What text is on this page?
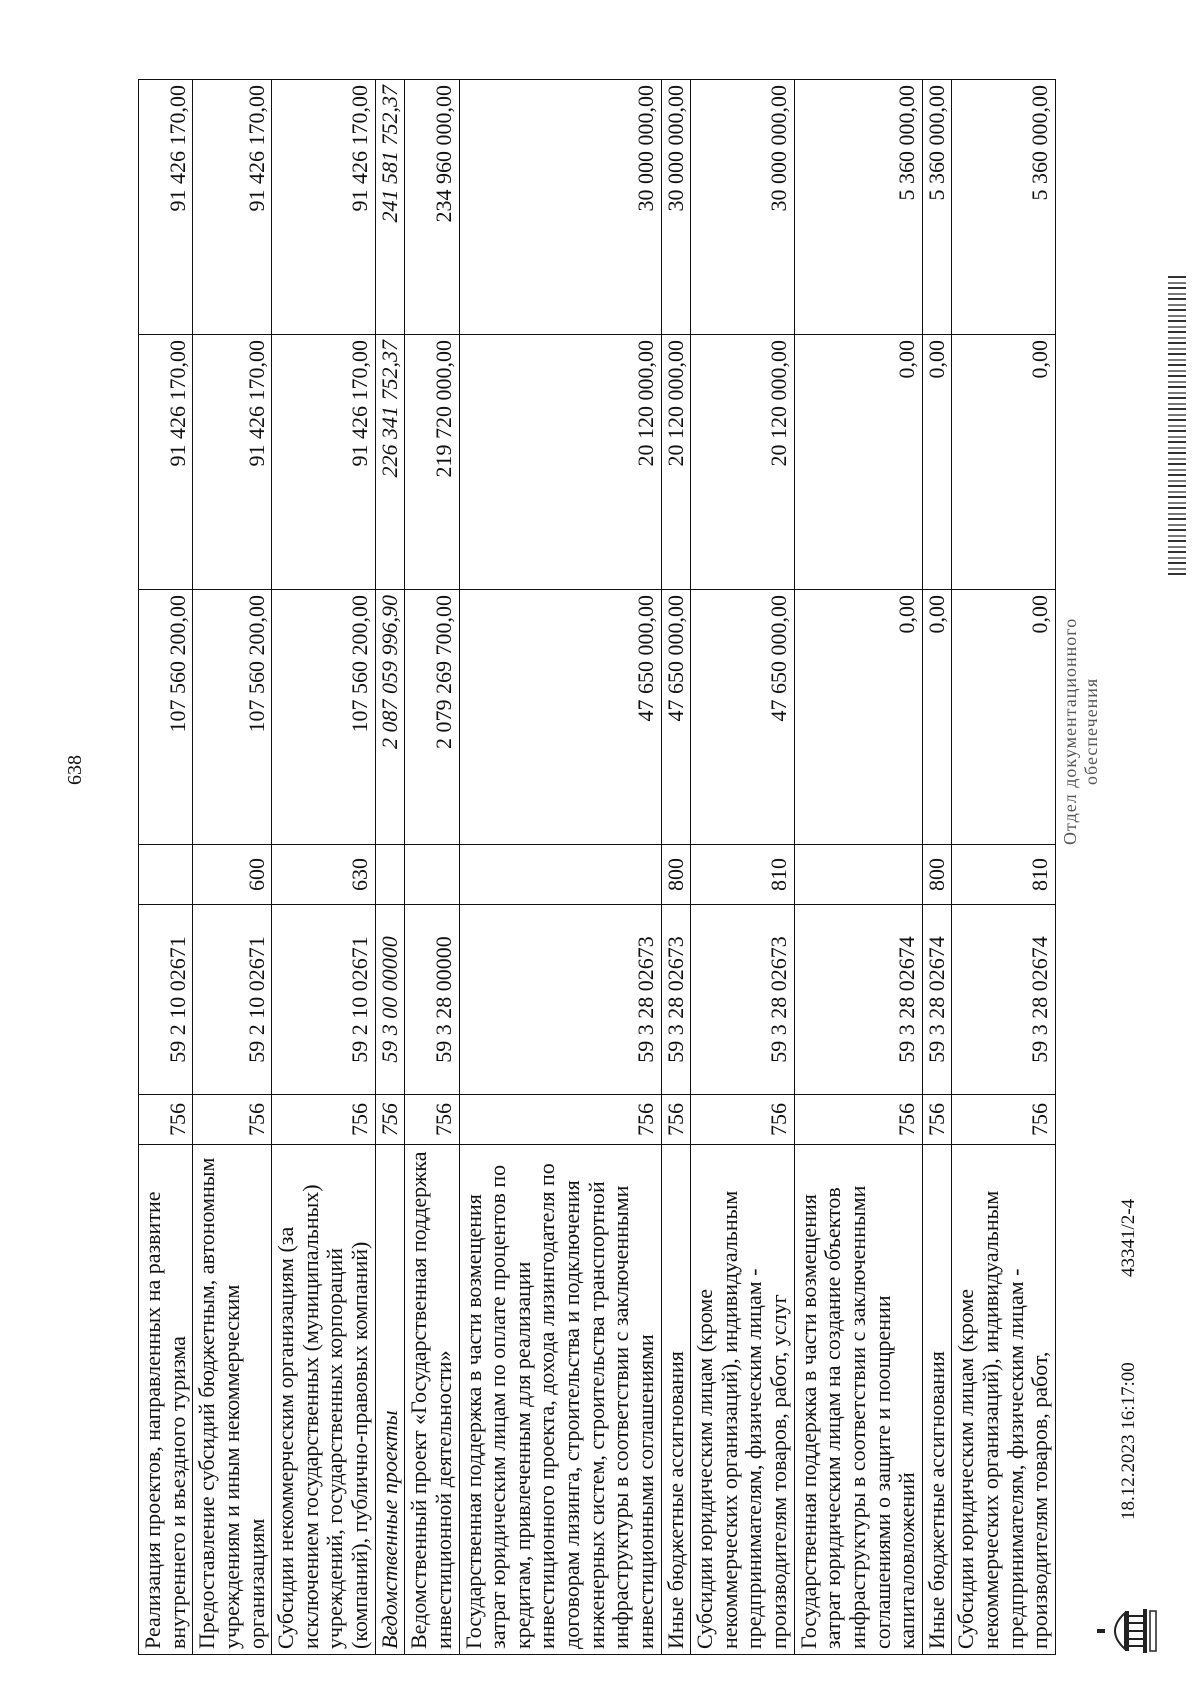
638
Реализация проектов, направленных на развитие внутреннего и въездного туризма	756	59 2 10 02671		107 560 200,00	91 426 170,00	91 426 170,00
Предоставление субсидий бюджетным, автономным учреждениям и иным некоммерческим организациям	756	59 2 10 02671	600	107 560 200,00	91 426 170,00	91 426 170,00
Субсидии некоммерческим организациям (за исключением государственных (муниципальных) учреждений, государственных корпораций (компаний), публично-правовых компаний)	756	59 2 10 02671	630	107 560 200,00	91 426 170,00	91 426 170,00
Ведомственные проекты	756	59 3 00 00000		2 087 059 996,90	226 341 752,37	241 581 752,37
Ведомственный проект «Государственная поддержка инвестиционной деятельности»	756	59 3 28 00000		2 079 269 700,00	219 720 000,00	234 960 000,00
Государственная поддержка в части возмещения затрат юридическим лицам по оплате процентов по кредитам, привлеченным для реализации инвестиционного проекта, дохода лизингодателя по договорам лизинга, строительства и подключения инженерных систем, строительства транспортной инфраструктуры в соответствии с заключенными инвестиционными соглашениями	756	59 3 28 02673		47 650 000,00	20 120 000,00	30 000 000,00
Иные бюджетные ассигнования	756	59 3 28 02673	800	47 650 000,00	20 120 000,00	30 000 000,00
Субсидии юридическим лицам (кроме некоммерческих организаций), индивидуальным предпринимателям, физическим лицам - производителям товаров, работ, услуг	756	59 3 28 02673	810	47 650 000,00	20 120 000,00	30 000 000,00
Государственная поддержка в части возмещения затрат юридическим лицам на создание объектов инфраструктуры в соответствии с заключенными соглашениями о защите и поощрении капиталовложений	756	59 3 28 02674		0,00	0,00	5 360 000,00
Иные бюджетные ассигнования	756	59 3 28 02674	800	0,00	0,00	5 360 000,00
Субсидии юридическим лицам (кроме некоммерческих организаций), индивидуальным предпринимателям, физическим лицам - производителям товаров, работ,	756	59 3 28 02674	810	0,00	0,00	5 360 000,00
18.12.2023 16:17:00
43341/2-4
Отдел документационного обеспечения
